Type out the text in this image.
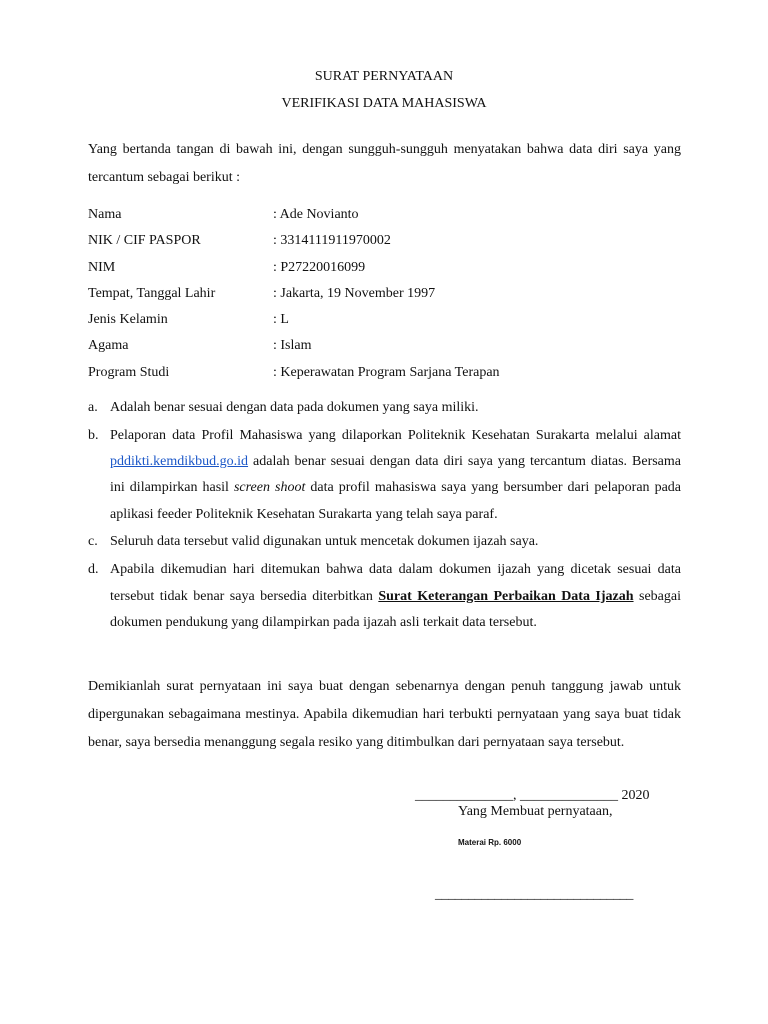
SURAT PERNYATAAN

VERIFIKASI DATA MAHASISWA

Yang bertanda tangan di bawah ini, dengan sungguh-sungguh menyatakan bahwa data diri saya yang tercantum sebagai berikut :
Nama	: Ade Novianto
NIK / CIF PASPOR	: 3314111911970002
NIM	: P27220016099
Tempat, Tanggal Lahir	: Jakarta, 19 November 1997
Jenis Kelamin	: L
Agama	: Islam
Program Studi	: Keperawatan Program Sarjana Terapan
a. Adalah benar sesuai dengan data pada dokumen yang saya miliki.
b. Pelaporan data Profil Mahasiswa yang dilaporkan Politeknik Kesehatan Surakarta melalui alamat pddikti.kemdikbud.go.id adalah benar sesuai dengan data diri saya yang tercantum diatas. Bersama ini dilampirkan hasil screen shoot data profil mahasiswa saya yang bersumber dari pelaporan pada aplikasi feeder Politeknik Kesehatan Surakarta yang telah saya paraf.
c. Seluruh data tersebut valid digunakan untuk mencetak dokumen ijazah saya.
d. Apabila dikemudian hari ditemukan bahwa data dalam dokumen ijazah yang dicetak sesuai data tersebut tidak benar saya bersedia diterbitkan Surat Keterangan Perbaikan Data Ijazah sebagai dokumen pendukung yang dilampirkan pada ijazah asli terkait data tersebut.
Demikianlah surat pernyataan ini saya buat dengan sebenarnya dengan penuh tanggung jawab untuk dipergunakan sebagaimana mestinya. Apabila dikemudian hari terbukti pernyataan yang saya buat tidak benar, saya bersedia menanggung segala resiko yang ditimbulkan dari pernyataan saya tersebut.
______________, ______________ 2020
Yang Membuat pernyataan,
Materai Rp. 6000
______________________________
